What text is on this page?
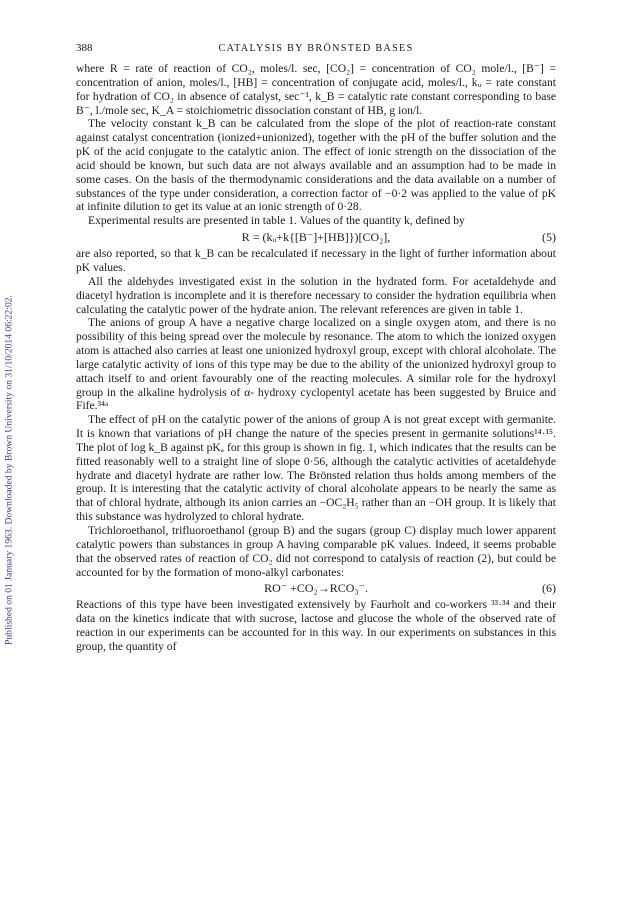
Published on 01 January 1963. Downloaded by Brown University on 31/10/2014 06:22:02.
388	CATALYSIS BY BRÖNSTED BASES

where R = rate of reaction of CO₂, moles/l. sec, [CO₂] = concentration of CO₂ mole/l., [B⁻] = concentration of anion, moles/l., [HB] = concentration of conjugate acid, moles/l., kᵤ = rate constant for hydration of CO₂ in absence of catalyst, sec⁻¹, k_B = catalytic rate constant corresponding to base B⁻, l./mole sec, K_A = stoichiometric dissociation constant of HB, g ion/l.

The velocity constant k_B can be calculated from the slope of the plot of reaction-rate constant against catalyst concentration (ionized+unionized), together with the pH of the buffer solution and the pK of the acid conjugate to the catalytic anion. The effect of ionic strength on the dissociation of the acid should be known, but such data are not always available and an assumption had to be made in some cases. On the basis of the thermodynamic considerations and the data available on a number of substances of the type under consideration, a correction factor of −0·2 was applied to the value of pK at infinite dilution to get its value at an ionic strength of 0·28.

Experimental results are presented in table 1. Values of the quantity k, defined by

R = (kᵤ+k{[B⁻]+[HB]})[CO₂],	(5)

are also reported, so that k_B can be recalculated if necessary in the light of further information about pK values.

All the aldehydes investigated exist in the solution in the hydrated form. For acetaldehyde and diacetyl hydration is incomplete and it is therefore necessary to consider the hydration equilibria when calculating the catalytic power of the hydrate anion. The relevant references are given in table 1.

The anions of group A have a negative charge localized on a single oxygen atom, and there is no possibility of this being spread over the molecule by resonance. The atom to which the ionized oxygen atom is attached also carries at least one unionized hydroxyl group, except with chloral alcoholate. The large catalytic activity of ions of this type may be due to the ability of the unionized hydroxyl group to attach itself to and orient favourably one of the reacting molecules. A similar role for the hydroxyl group in the alkaline hydrolysis of α- hydroxy cyclopentyl acetate has been suggested by Bruice and Fife.³⁴ᵃ

The effect of pH on the catalytic power of the anions of group A is not great except with germanite. It is known that variations of pH change the nature of the species present in germanite solutions¹⁴·¹⁵. The plot of log k_B against pKₐ for this group is shown in fig. 1, which indicates that the results can be fitted reasonably well to a straight line of slope 0·56, although the catalytic activities of acetaldehyde hydrate and diacetyl hydrate are rather low. The Brönsted relation thus holds among members of the group. It is interesting that the catalytic activity of choral alcoholate appears to be nearly the same as that of chloral hydrate, although its anion carries an −OC₂H₅ rather than an −OH group. It is likely that this substance was hydrolyzed to chloral hydrate.

Trichloroethanol, trifluoroethanol (group B) and the sugars (group C) display much lower apparent catalytic powers than substances in group A having comparable pK values. Indeed, it seems probable that the observed rates of reaction of CO₂ did not correspond to catalysis of reaction (2), but could be accounted for by the formation of mono-alkyl carbonates:

RO⁻ +CO₂→RCO₃⁻.	(6)

Reactions of this type have been investigated extensively by Faurholt and co-workers ³³·³⁴ and their data on the kinetics indicate that with sucrose, lactose and glucose the whole of the observed rate of reaction in our experiments can be accounted for in this way. In our experiments on substances in this group, the quantity of
